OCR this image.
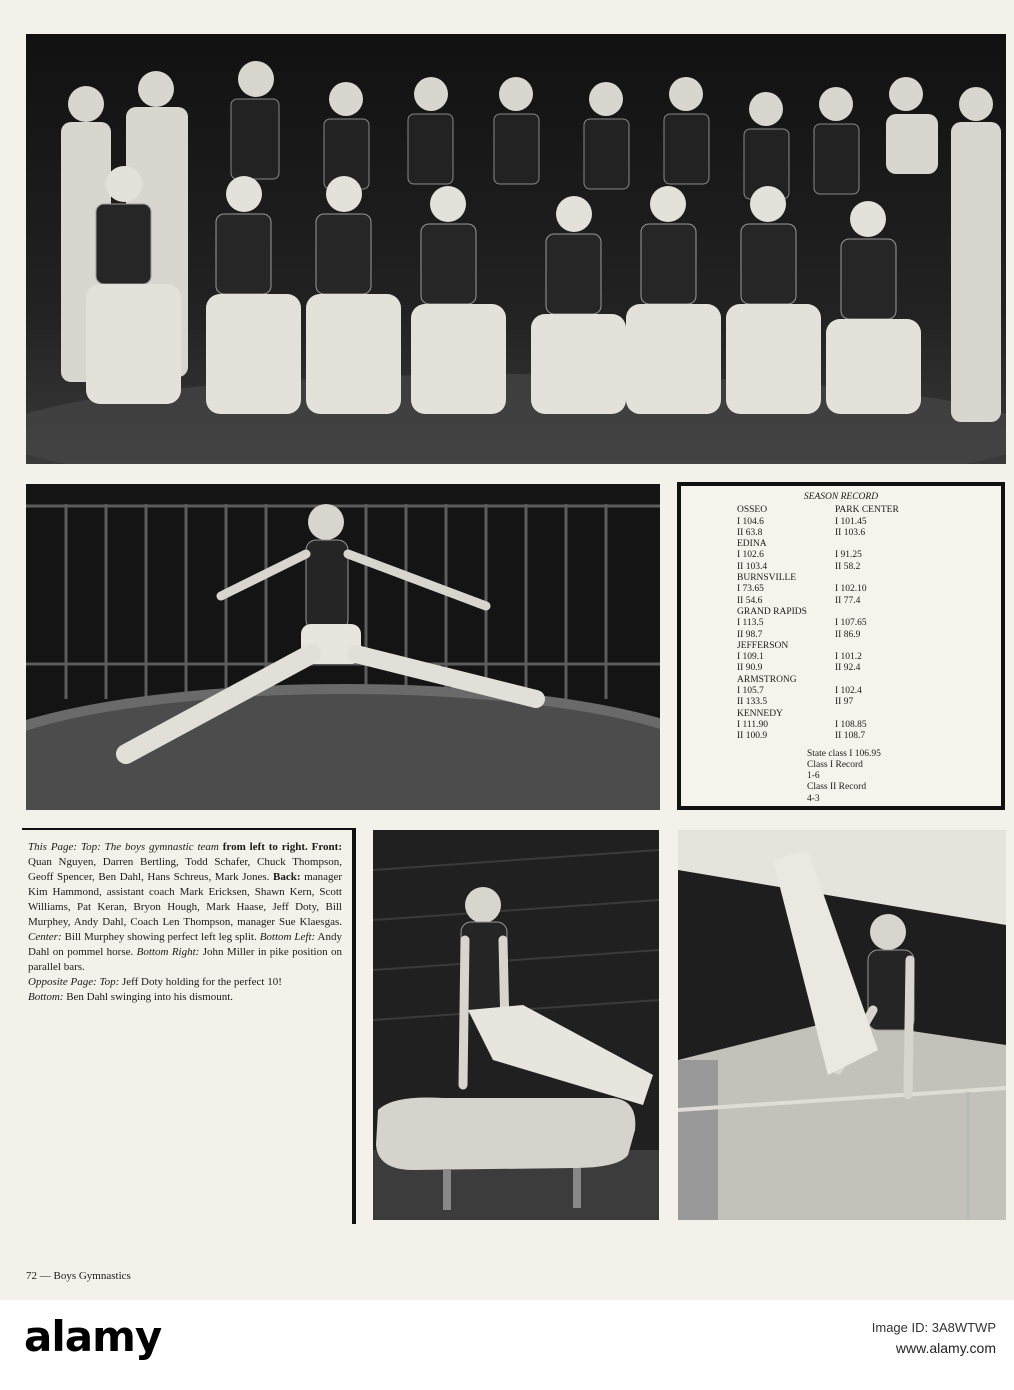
SEASON RECORD
OSSEO	PARK CENTER
I 104.6	I 101.45
II 63.8	II 103.6
EDINA
I 102.6	I 91.25
II 103.4	II 58.2
BURNSVILLE
I 73.65	I 102.10
II 54.6	II 77.4
GRAND RAPIDS
I 113.5	I 107.65
II 98.7	II 86.9
JEFFERSON
I 109.1	I 101.2
II 90.9	II 92.4
ARMSTRONG
I 105.7	I 102.4
II 133.5	II 97
KENNEDY
I 111.90	I 108.85
II 100.9	II 108.7
State class I 106.95
Class I Record
1-6
Class II Record
4-3
This Page: Top: The boys gymnastic team from left to right. Front: Quan Nguyen, Darren Bertling, Todd Schafer, Chuck Thompson, Geoff Spencer, Ben Dahl, Hans Schreus, Mark Jones. Back: manager Kim Hammond, assistant coach Mark Ericksen, Shawn Kern, Scott Williams, Pat Keran, Bryon Hough, Mark Haase, Jeff Doty, Bill Murphey, Andy Dahl, Coach Len Thompson, manager Sue Klaesgas. Center: Bill Murphey showing perfect left leg split. Bottom Left: Andy Dahl on pommel horse. Bottom Right: John Miller in pike position on parallel bars.
Opposite Page: Top: Jeff Doty holding for the perfect 10!
Bottom: Ben Dahl swinging into his dismount.
72 — Boys Gymnastics
alamy	Image ID: 3A8WTWP
www.alamy.com
